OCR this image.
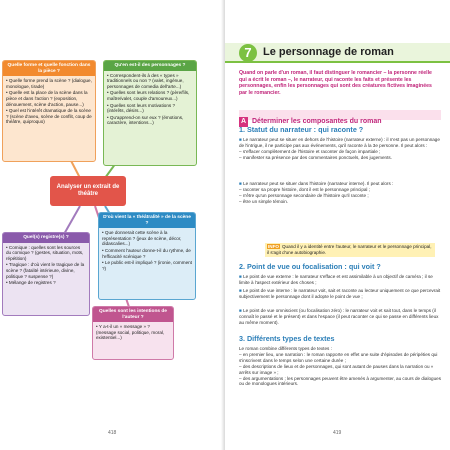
Quelle forme et quelle fonction dans la pièce ?
• Quelle forme prend la scène ? (dialogue, monologue, tirade)
• Quelle est la place de la scène dans la pièce et dans l'action ? (exposition, dénouement, scène d'action, pause...)
• Quel est l'intérêt dramatique de la scène ? (scène d'aveu, scène de conflit, coup de théâtre, quiproquo)
Qu'en est-il des personnages ?
• Correspondent-ils à des « types » traditionnels ou non ? (valet, ingénue, personnages de comedia dell'arte...)
• Quelles sont leurs relations ? (père/fils, maître/valet, couple d'amoureux...)
• Quelles sont leurs motivations ? (intérêts, désirs...)
• Qu'apprend-on sur eux ? (émotions, caractère, intentions...)
Analyser un extrait de théâtre
Quel(s) registre(s) ?
• Comique : quelles sont les sources du comique ? (gestes, situation, mots, répétition)
• Tragique : d'où vient le tragique de la scène ? (fatalité intérieure, divine, politique ? suspense ?)
• Mélange de registres ?
D'où vient la « théâtralité » de la scène ?
• Que donnerait cette scène à la représentation ? (jeux de scène, décor, didascalies...)
• Comment l'auteur donne-t-il du rythme, de l'efficacité scénique ?
• Le public est-il impliqué ? (ironie, comment ?)
Quelles sont les intentions de l'auteur ?
• Y a-t-il un « message » ? (message social, politique, moral, existentiel...)
418
7	Le personnage de roman
Quand on parle d'un roman, il faut distinguer le romancier – la personne réelle qui a écrit le roman –, le narrateur, qui raconte les faits et présente les personnages, enfin les personnages qui sont des créatures fictives imaginées par le romancier.
A Déterminer les composantes du roman
1. Statut du narrateur : qui raconte ?
■ Le narrateur peut se situer en dehors de l'histoire (narrateur externe) : il n'est pas un personnage de l'intrigue, il ne participe pas aux événements, qu'il raconte à la 3e personne. Il peut alors :
– s'effacer complètement de l'histoire et raconter de façon impartiale ;
– manifester sa présence par des commentaires ponctuels, des jugements.
■ Le narrateur peut se situer dans l'histoire (narrateur interne). Il peut alors :
– raconter sa propre histoire, dont il est le personnage principal ;
– n'être qu'un personnage secondaire de l'histoire qu'il raconte ;
– être un simple témoin.
INFO Quand il y a identité entre l'auteur, le narrateur et le personnage principal, il s'agit d'une autobiographie.
2. Point de vue ou focalisation : qui voit ?
■ Le point de vue externe : le narrateur s'efface et est assimilable à un objectif de caméra ; il se limite à l'aspect extérieur des choses ;
■ Le point de vue interne : le narrateur voit, sait et raconte au lecteur uniquement ce que percevrait subjectivement le personnage dont il adopte le point de vue ;
■ Le point de vue omniscient (ou focalisation zéro) : le narrateur voit et sait tout, dans le temps (il connaît le passé et le présent) et dans l'espace (il peut raconter ce qui se passe en différents lieux au même moment).
3. Différents types de textes
Le roman combine différents types de textes :
– en premier lieu, une narration : le roman rapporte en effet une suite d'épisodes de péripéties qui s'inscrivent dans le temps selon une certaine durée ;
– des descriptions de lieux et de personnages, qui sont autant de pauses dans la narration ou « arrêts sur image » ;
– des argumentations ; les personnages peuvent être amenés à argumenter, au cours de dialogues ou de monologues intérieurs.
419
